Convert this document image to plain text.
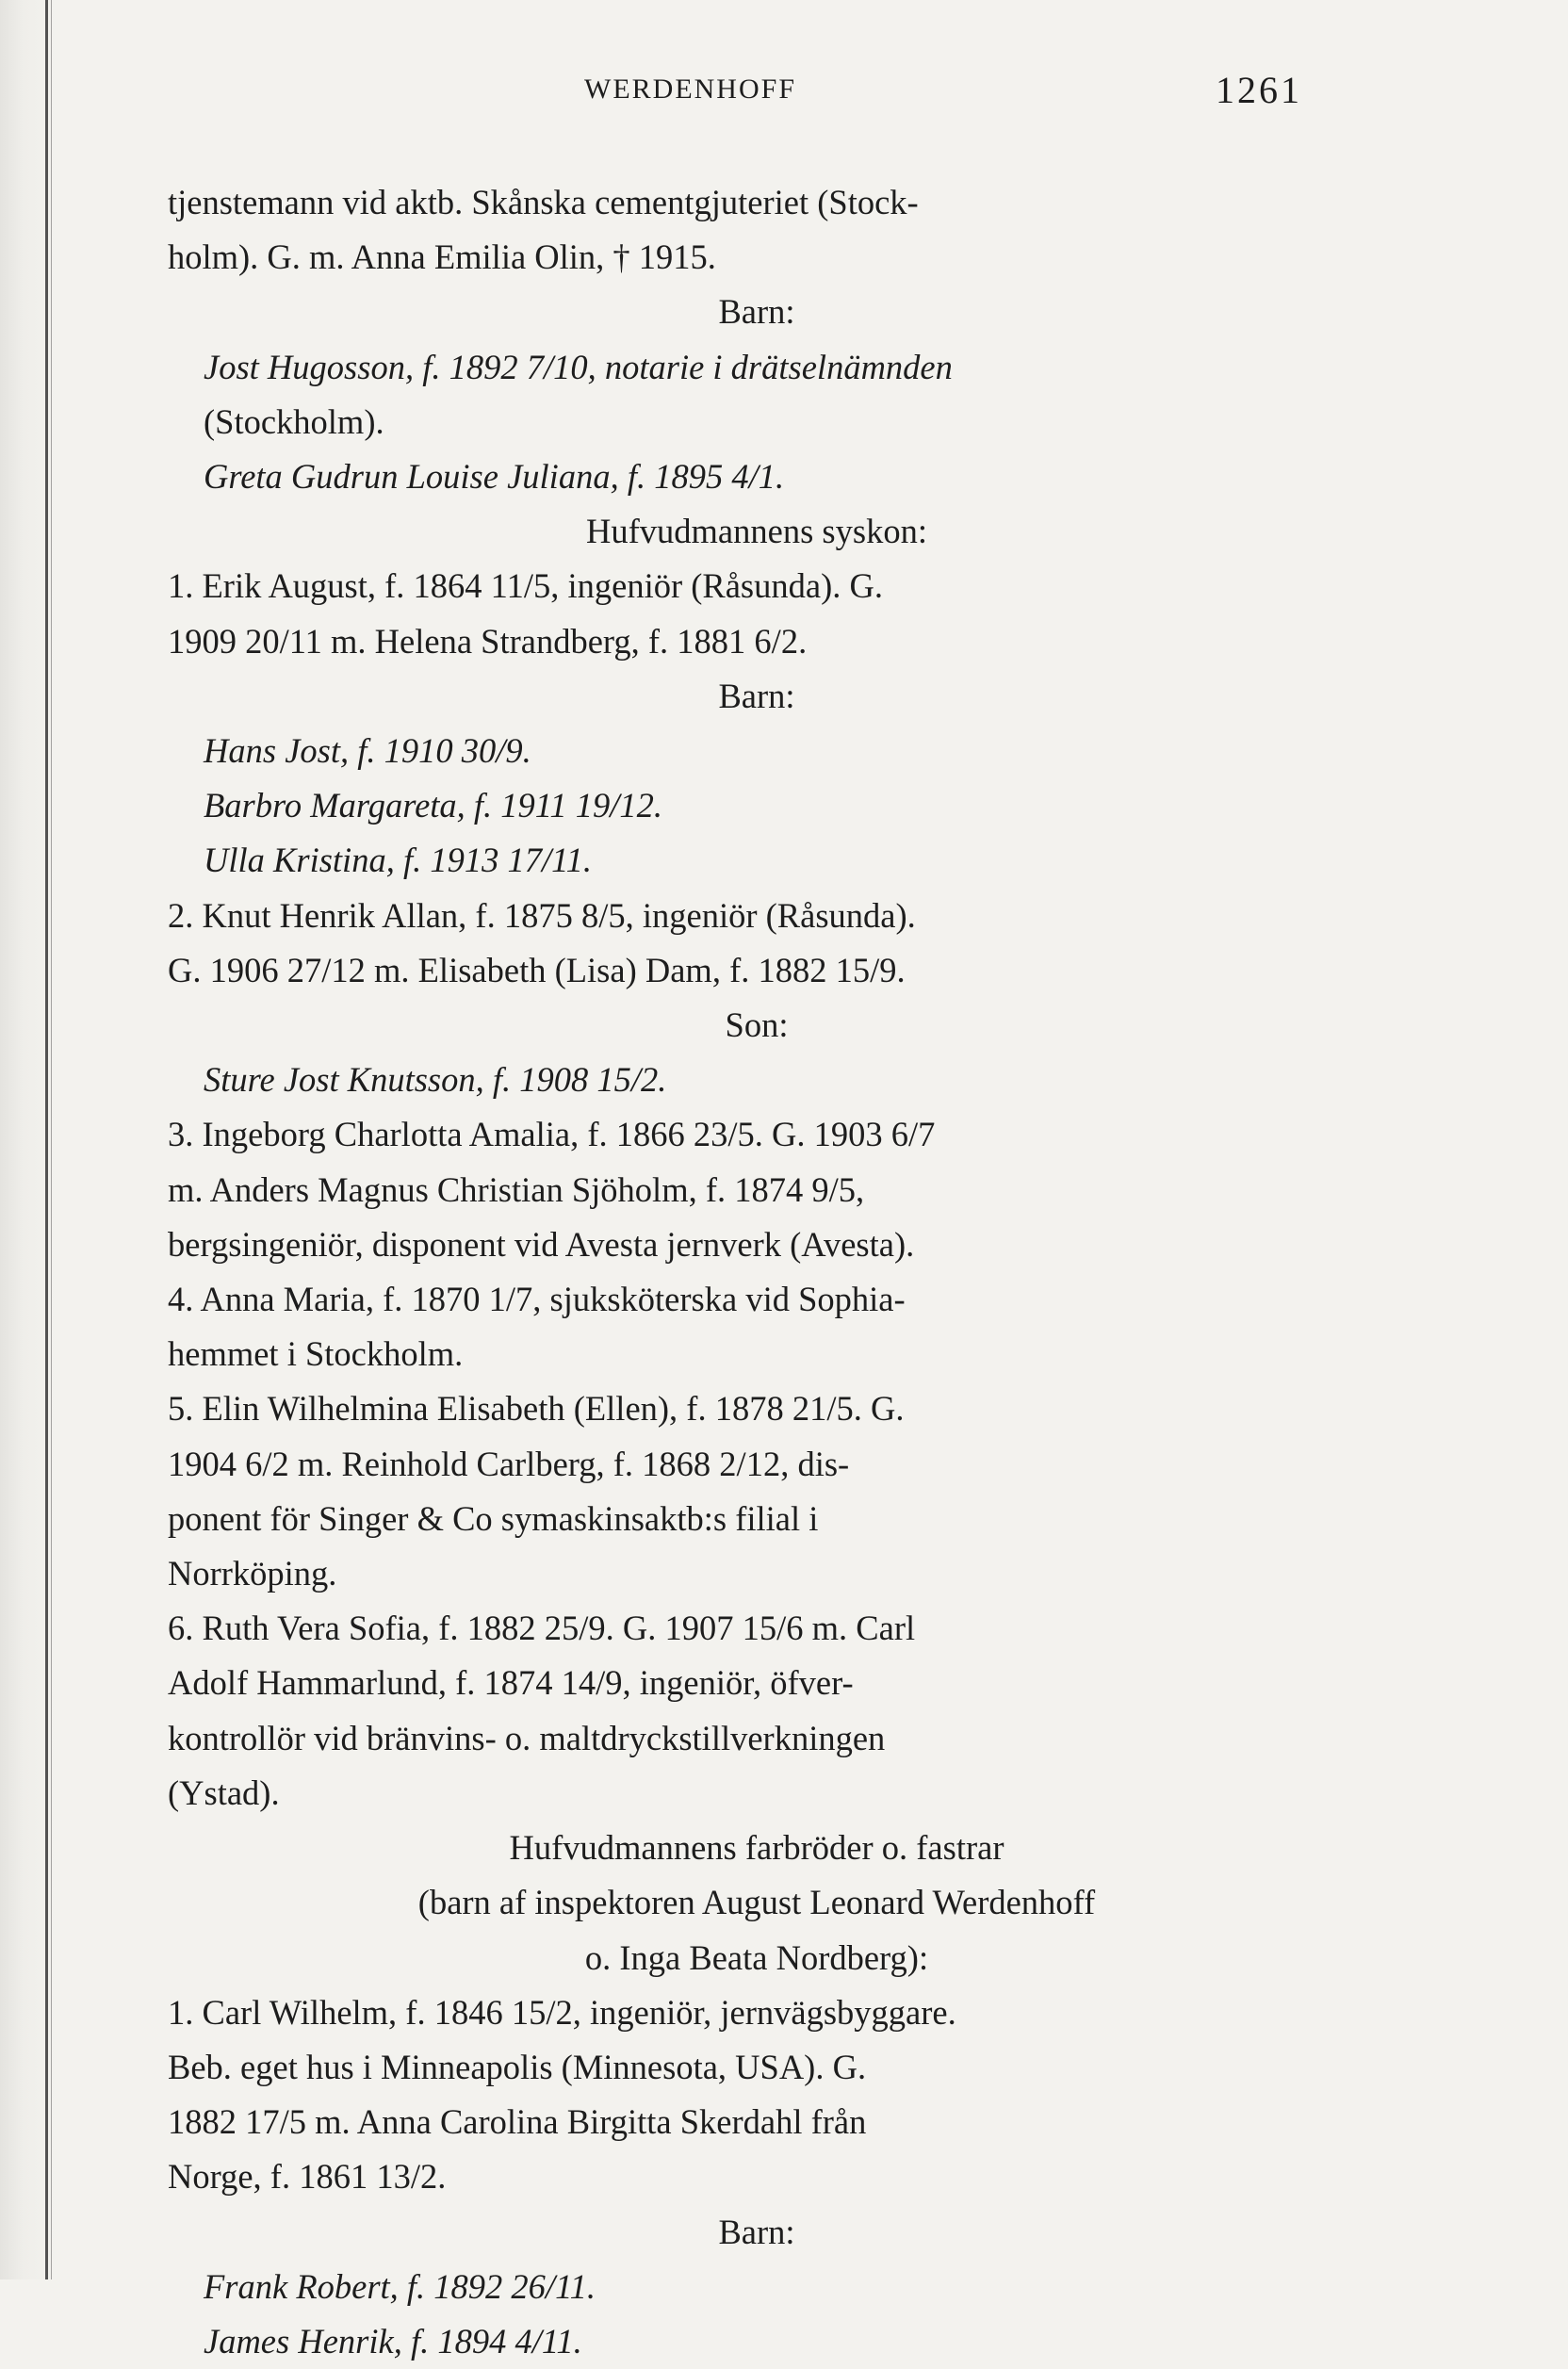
WERDENHOFF	1261

tjenstemann vid aktb. Skånska cementgjuteriet (Stock-

holm). G. m. Anna Emilia Olin, † 1915.

Barn:

Jost Hugosson, f. 1892 7/10, notarie i drätselnämnden

(Stockholm).

Greta Gudrun Louise Juliana, f. 1895 4/1.

Hufvudmannens syskon:

1. Erik August, f. 1864 11/5, ingeniör (Råsunda). G.

1909 20/11 m. Helena Strandberg, f. 1881 6/2.

Barn:

Hans Jost, f. 1910 30/9.

Barbro Margareta, f. 1911 19/12.

Ulla Kristina, f. 1913 17/11.

2. Knut Henrik Allan, f. 1875 8/5, ingeniör (Råsunda).

G. 1906 27/12 m. Elisabeth (Lisa) Dam, f. 1882 15/9.

Son:

Sture Jost Knutsson, f. 1908 15/2.

3. Ingeborg Charlotta Amalia, f. 1866 23/5. G. 1903 6/7

m. Anders Magnus Christian Sjöholm, f. 1874 9/5,

bergsingeniör, disponent vid Avesta jernverk (Avesta).

4. Anna Maria, f. 1870 1/7, sjuksköterska vid Sophia-

hemmet i Stockholm.

5. Elin Wilhelmina Elisabeth (Ellen), f. 1878 21/5. G.

1904 6/2 m. Reinhold Carlberg, f. 1868 2/12, dis-

ponent för Singer & Co symaskinsaktb:s filial i

Norrköping.

6. Ruth Vera Sofia, f. 1882 25/9. G. 1907 15/6 m. Carl

Adolf Hammarlund, f. 1874 14/9, ingeniör, öfver-

kontrollör vid bränvins- o. maltdryckstillverkningen

(Ystad).

Hufvudmannens farbröder o. fastrar

(barn af inspektoren August Leonard Werdenhoff

o. Inga Beata Nordberg):

1. Carl Wilhelm, f. 1846 15/2, ingeniör, jernvägsbyggare.

Beb. eget hus i Minneapolis (Minnesota, USA). G.

1882 17/5 m. Anna Carolina Birgitta Skerdahl från

Norge, f. 1861 13/2.

Barn:

Frank Robert, f. 1892 26/11.

James Henrik, f. 1894 4/11.
